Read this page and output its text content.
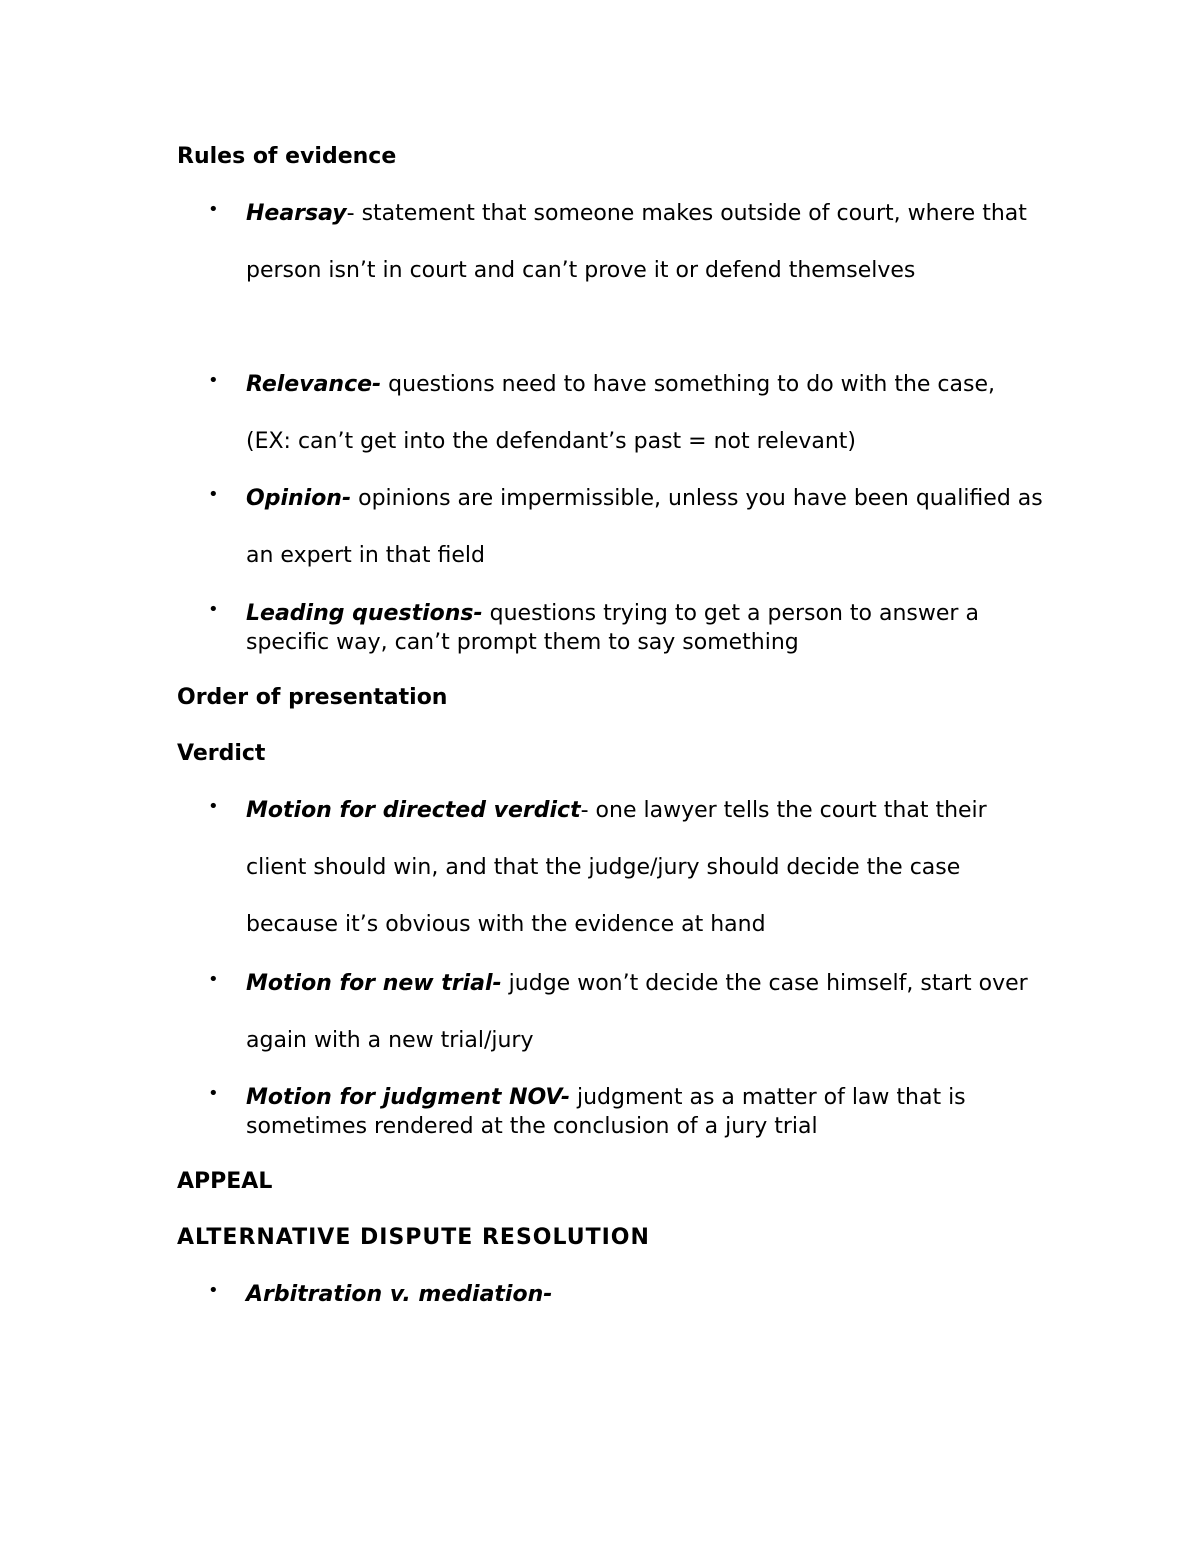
Rules of evidence
•	Hearsay- statement that someone makes outside of court, where that person isn’t in court and can’t prove it or defend themselves
•	Relevance- questions need to have something to do with the case, (EX: can’t get into the defendant’s past = not relevant)
•	Opinion- opinions are impermissible, unless you have been qualified as an expert in that field
•	Leading questions- questions trying to get a person to answer a specific way, can’t prompt them to say something
Order of presentation
Verdict
•	Motion for directed verdict- one lawyer tells the court that their client should win, and that the judge/jury should decide the case because it’s obvious with the evidence at hand
•	Motion for new trial- judge won’t decide the case himself, start over again with a new trial/jury
•	Motion for judgment NOV- judgment as a matter of law that is sometimes rendered at the conclusion of a jury trial
APPEAL
ALTERNATIVE DISPUTE RESOLUTION
•	Arbitration v. mediation-
